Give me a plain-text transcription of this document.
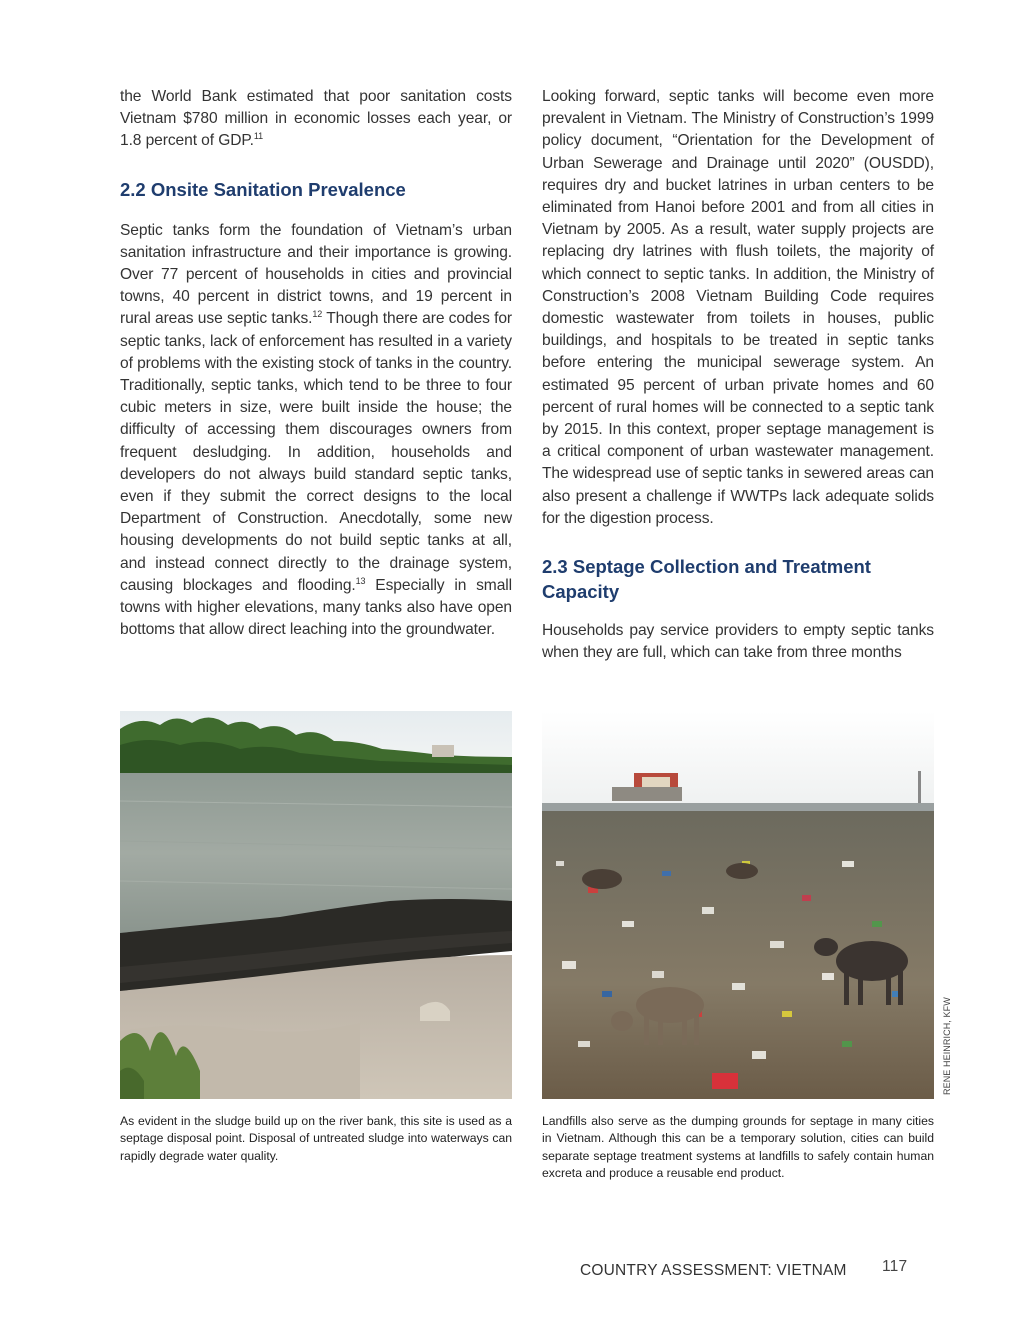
the World Bank estimated that poor sanitation costs Vietnam $780 million in economic losses each year, or 1.8 percent of GDP.$^{11}$

2.2 Onsite Sanitation Prevalence

Septic tanks form the foundation of Vietnam’s urban sanitation infrastructure and their importance is growing. Over 77 percent of households in cities and provincial towns, 40 percent in district towns, and 19 percent in rural areas use septic tanks.$^{12}$ Though there are codes for septic tanks, lack of enforcement has resulted in a variety of problems with the existing stock of tanks in the country. Traditionally, septic tanks, which tend to be three to four cubic meters in size, were built inside the house; the difficulty of accessing them discourages owners from frequent desludging. In addition, households and developers do not always build standard septic tanks, even if they submit the correct designs to the local Department of Construction. Anecdotally, some new housing developments do not build septic tanks at all, and instead connect directly to the drainage system, causing blockages and flooding.$^{13}$ Especially in small towns with higher elevations, many tanks also have open bottoms that allow direct leaching into the groundwater.

Looking forward, septic tanks will become even more prevalent in Vietnam. The Ministry of Construction’s 1999 policy document, “Orientation for the Development of Urban Sewerage and Drainage until 2020” (OUSDD), requires dry and bucket latrines in urban centers to be eliminated from Hanoi before 2001 and from all cities in Vietnam by 2005. As a result, water supply projects are replacing dry latrines with flush toilets, the majority of which connect to septic tanks. In addition, the Ministry of Construction’s 2008 Vietnam Building Code requires domestic wastewater from toilets in houses, public buildings, and hospitals to be treated in septic tanks before entering the municipal sewerage system. An estimated 95 percent of urban private homes and 60 percent of rural homes will be connected to a septic tank by 2015. In this context, proper septage management is a critical component of urban wastewater management. The widespread use of septic tanks in sewered areas can also present a challenge if WWTPs lack adequate solids for the digestion process.

2.3 Septage Collection and Treatment Capacity

Households pay service providers to empty septic tanks when they are full, which can take from three months

RENE HEINRICH, KFW

As evident in the sludge build up on the river bank, this site is used as a septage disposal point. Disposal of untreated sludge into waterways can rapidly degrade water quality.

Landfills also serve as the dumping grounds for septage in many cities in Vietnam. Although this can be a temporary solution, cities can build separate septage treatment systems at landfills to safely contain human excreta and produce a reusable end product.

COUNTRY ASSESSMENT: VIETNAM 117
